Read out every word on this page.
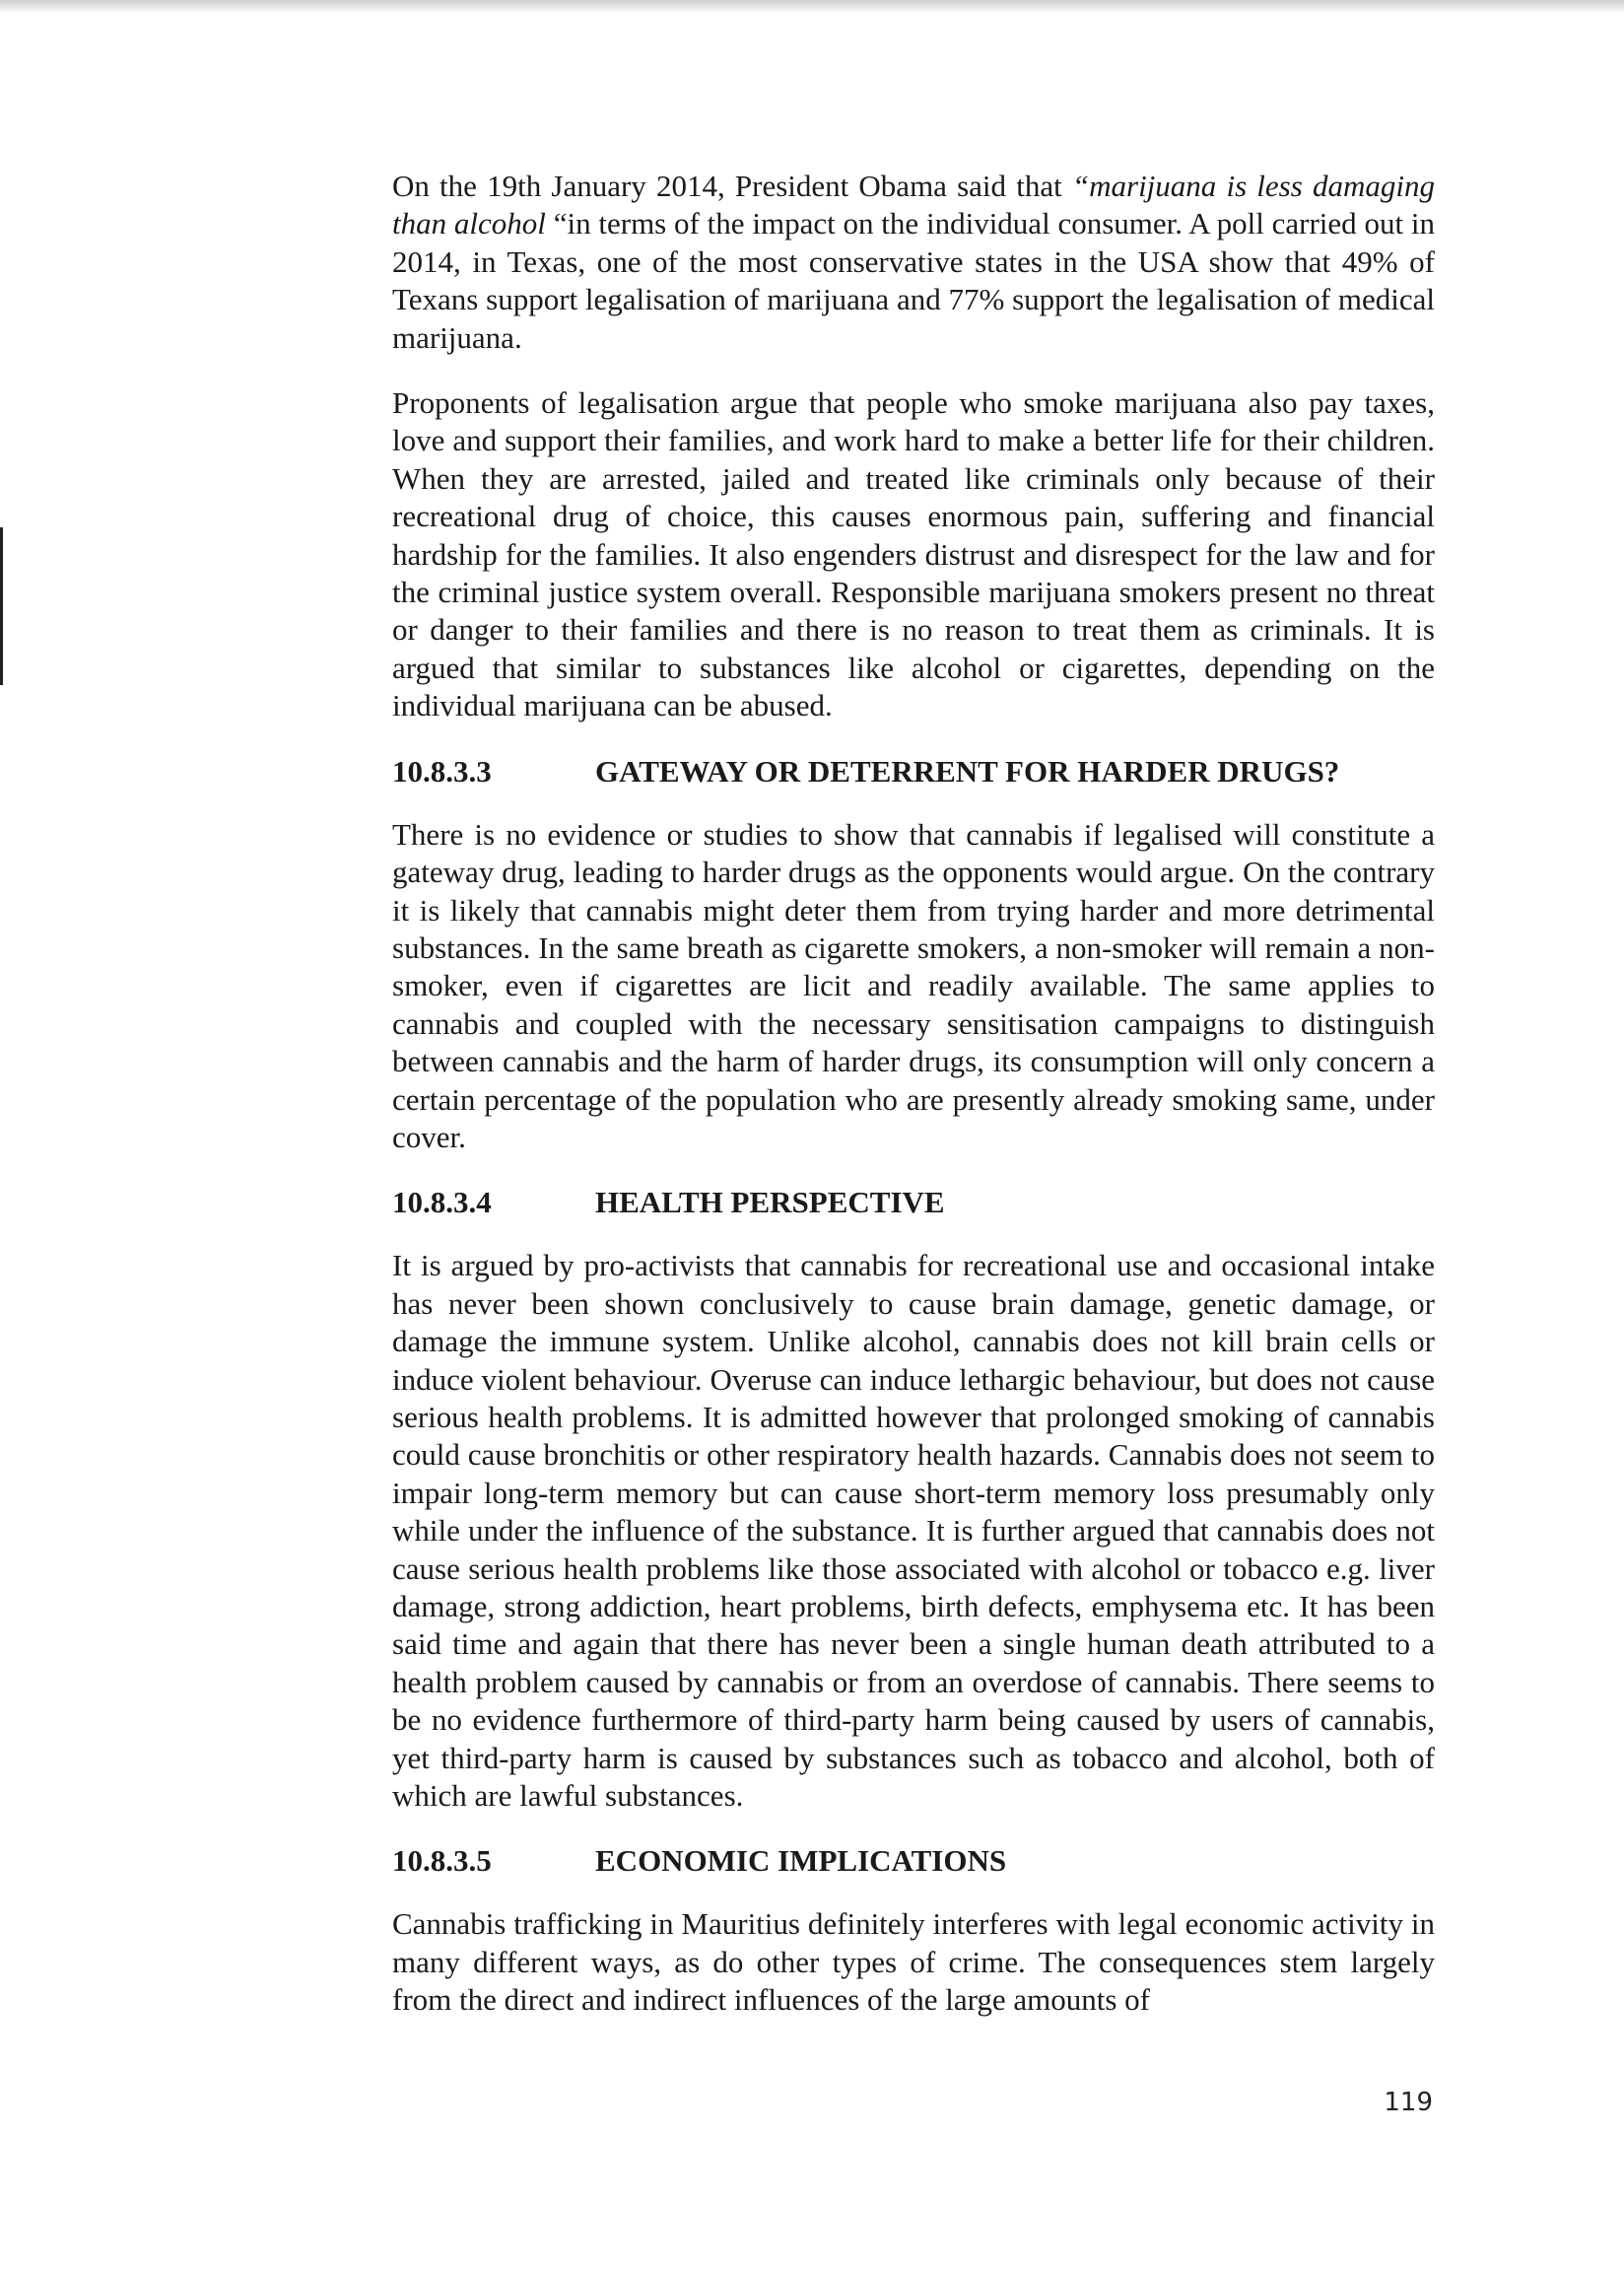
On the 19th January 2014, President Obama said that “marijuana is less damaging than alcohol “in terms of the impact on the individual consumer. A poll carried out in 2014, in Texas, one of the most conservative states in the USA show that 49% of Texans support legalisation of marijuana and 77% support the legalisation of medical marijuana.

Proponents of legalisation argue that people who smoke marijuana also pay taxes, love and support their families, and work hard to make a better life for their children. When they are arrested, jailed and treated like criminals only because of their recreational drug of choice, this causes enormous pain, suffering and financial hardship for the families. It also engenders distrust and disrespect for the law and for the criminal justice system overall. Responsible marijuana smokers present no threat or danger to their families and there is no reason to treat them as criminals. It is argued that similar to substances like alcohol or cigarettes, depending on the individual marijuana can be abused.

10.8.3.3	GATEWAY OR DETERRENT FOR HARDER DRUGS?

There is no evidence or studies to show that cannabis if legalised will constitute a gateway drug, leading to harder drugs as the opponents would argue. On the contrary it is likely that cannabis might deter them from trying harder and more detrimental substances. In the same breath as cigarette smokers, a non-smoker will remain a non-smoker, even if cigarettes are licit and readily available. The same applies to cannabis and coupled with the necessary sensitisation campaigns to distinguish between cannabis and the harm of harder drugs, its consumption will only concern a certain percentage of the population who are presently already smoking same, under cover.

10.8.3.4	HEALTH PERSPECTIVE

It is argued by pro-activists that cannabis for recreational use and occasional intake has never been shown conclusively to cause brain damage, genetic damage, or damage the immune system. Unlike alcohol, cannabis does not kill brain cells or induce violent behaviour. Overuse can induce lethargic behaviour, but does not cause serious health problems. It is admitted however that prolonged smoking of cannabis could cause bronchitis or other respiratory health hazards. Cannabis does not seem to impair long-term memory but can cause short-term memory loss presumably only while under the influence of the substance. It is further argued that cannabis does not cause serious health problems like those associated with alcohol or tobacco e.g. liver damage, strong addiction, heart problems, birth defects, emphysema etc. It has been said time and again that there has never been a single human death attributed to a health problem caused by cannabis or from an overdose of cannabis. There seems to be no evidence furthermore of third-party harm being caused by users of cannabis, yet third-party harm is caused by substances such as tobacco and alcohol, both of which are lawful substances.

10.8.3.5	ECONOMIC IMPLICATIONS

Cannabis trafficking in Mauritius definitely interferes with legal economic activity in many different ways, as do other types of crime. The consequences stem largely from the direct and indirect influences of the large amounts of

119
